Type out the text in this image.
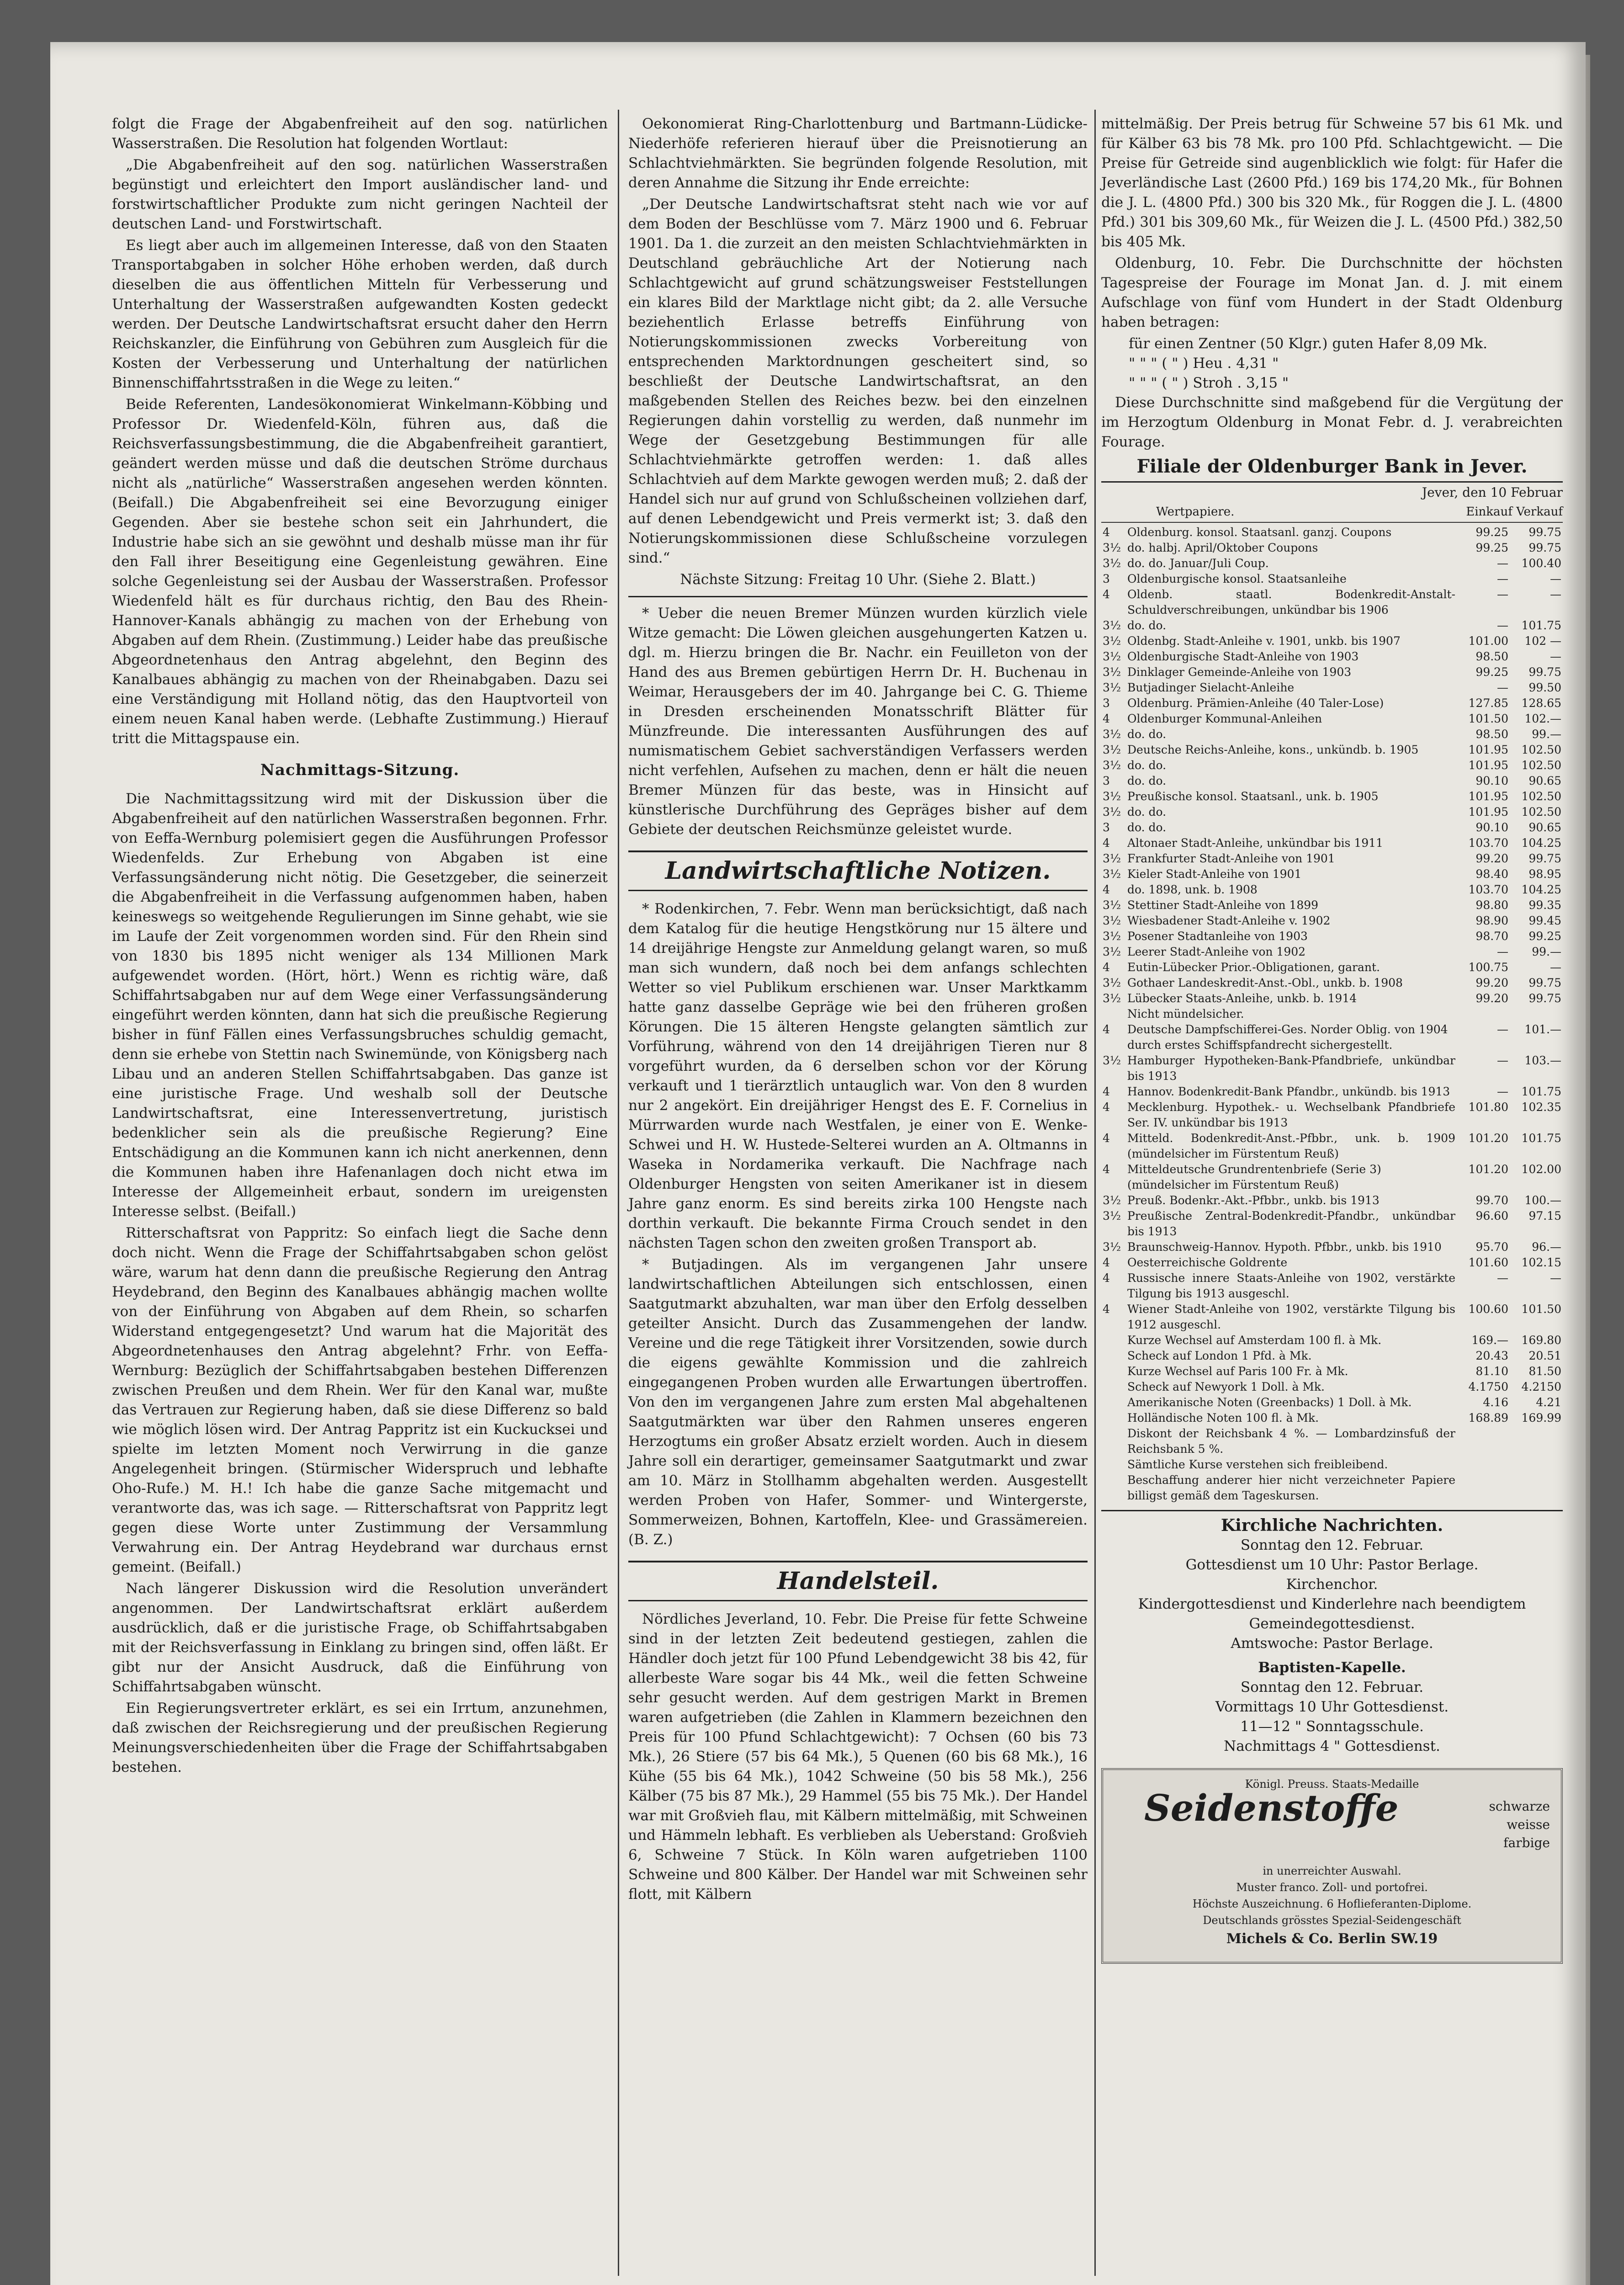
folgt die Frage der Abgabenfreiheit auf den sog. natürlichen Wasserstraßen. Die Resolution hat folgenden Wortlaut:

„Die Abgabenfreiheit auf den sog. natürlichen Wasserstraßen begünstigt und erleichtert den Import ausländischer land- und forstwirtschaftlicher Produkte zum nicht geringen Nachteil der deutschen Land- und Forstwirtschaft.

Es liegt aber auch im allgemeinen Interesse, daß von den Staaten Transportabgaben in solcher Höhe erhoben werden, daß durch dieselben die aus öffentlichen Mitteln für Verbesserung und Unterhaltung der Wasserstraßen aufgewandten Kosten gedeckt werden. Der Deutsche Landwirtschaftsrat ersucht daher den Herrn Reichskanzler, die Einführung von Gebühren zum Ausgleich für die Kosten der Verbesserung und Unterhaltung der natürlichen Binnenschiffahrtsstraßen in die Wege zu leiten.“

Beide Referenten, Landesökonomierat Winkelmann-Köbbing und Professor Dr. Wiedenfeld-Köln, führen aus, daß die Reichsverfassungsbestimmung, die die Abgabenfreiheit garantiert, geändert werden müsse und daß die deutschen Ströme durchaus nicht als „natürliche“ Wasserstraßen angesehen werden könnten. (Beifall.) Die Abgabenfreiheit sei eine Bevorzugung einiger Gegenden. Aber sie bestehe schon seit ein Jahrhundert, die Industrie habe sich an sie gewöhnt und deshalb müsse man ihr für den Fall ihrer Beseitigung eine Gegenleistung gewähren. Eine solche Gegenleistung sei der Ausbau der Wasserstraßen. Professor Wiedenfeld hält es für durchaus richtig, den Bau des Rhein-Hannover-Kanals abhängig zu machen von der Erhebung von Abgaben auf dem Rhein. (Zustimmung.) Leider habe das preußische Abgeordnetenhaus den Antrag abgelehnt, den Beginn des Kanalbaues abhängig zu machen von der Rheinabgaben. Dazu sei eine Verständigung mit Holland nötig, das den Hauptvorteil von einem neuen Kanal haben werde. (Lebhafte Zustimmung.) Hierauf tritt die Mittagspause ein.

Nachmittags-Sitzung.

Die Nachmittagssitzung wird mit der Diskussion über die Abgabenfreiheit auf den natürlichen Wasserstraßen begonnen. Frhr. von Eeffa-Wernburg polemisiert gegen die Ausführungen Professor Wiedenfelds. Zur Erhebung von Abgaben ist eine Verfassungsänderung nicht nötig. Die Gesetzgeber, die seinerzeit die Abgabenfreiheit in die Verfassung aufgenommen haben, haben keineswegs so weitgehende Regulierungen im Sinne gehabt, wie sie im Laufe der Zeit vorgenommen worden sind. Für den Rhein sind von 1830 bis 1895 nicht weniger als 134 Millionen Mark aufgewendet worden. (Hört, hört.) Wenn es richtig wäre, daß Schiffahrtsabgaben nur auf dem Wege einer Verfassungsänderung eingeführt werden könnten, dann hat sich die preußische Regierung bisher in fünf Fällen eines Verfassungsbruches schuldig gemacht, denn sie erhebe von Stettin nach Swinemünde, von Königsberg nach Libau und an anderen Stellen Schiffahrtsabgaben. Das ganze ist eine juristische Frage. Und weshalb soll der Deutsche Landwirtschaftsrat, eine Interessenvertretung, juristisch bedenklicher sein als die preußische Regierung? Eine Entschädigung an die Kommunen kann ich nicht anerkennen, denn die Kommunen haben ihre Hafenanlagen doch nicht etwa im Interesse der Allgemeinheit erbaut, sondern im ureigensten Interesse selbst. (Beifall.)

Ritterschaftsrat von Pappritz: So einfach liegt die Sache denn doch nicht. Wenn die Frage der Schiffahrtsabgaben schon gelöst wäre, warum hat denn dann die preußische Regierung den Antrag Heydebrand, den Beginn des Kanalbaues abhängig machen wollte von der Einführung von Abgaben auf dem Rhein, so scharfen Widerstand entgegengesetzt? Und warum hat die Majorität des Abgeordnetenhauses den Antrag abgelehnt? Frhr. von Eeffa-Wernburg: Bezüglich der Schiffahrtsabgaben bestehen Differenzen zwischen Preußen und dem Rhein. Wer für den Kanal war, mußte das Vertrauen zur Regierung haben, daß sie diese Differenz so bald wie möglich lösen wird. Der Antrag Pappritz ist ein Kuckucksei und spielte im letzten Moment noch Verwirrung in die ganze Angelegenheit bringen. (Stürmischer Widerspruch und lebhafte Oho-Rufe.) M. H.! Ich habe die ganze Sache mitgemacht und verantworte das, was ich sage. — Ritterschaftsrat von Pappritz legt gegen diese Worte unter Zustimmung der Versammlung Verwahrung ein. Der Antrag Heydebrand war durchaus ernst gemeint. (Beifall.)

Nach längerer Diskussion wird die Resolution unverändert angenommen. Der Landwirtschaftsrat erklärt außerdem ausdrücklich, daß er die juristische Frage, ob Schiffahrtsabgaben mit der Reichsverfassung in Einklang zu bringen sind, offen läßt. Er gibt nur der Ansicht Ausdruck, daß die Einführung von Schiffahrtsabgaben wünscht.

Ein Regierungsvertreter erklärt, es sei ein Irrtum, anzunehmen, daß zwischen der Reichsregierung und der preußischen Regierung Meinungsverschiedenheiten über die Frage der Schiffahrtsabgaben bestehen.

Oekonomierat Ring-Charlottenburg und Bartmann-Lüdicke-Niederhöfe referieren hierauf über die Preisnotierung an Schlachtviehmärkten. Sie begründen folgende Resolution, mit deren Annahme die Sitzung ihr Ende erreichte:

„Der Deutsche Landwirtschaftsrat steht nach wie vor auf dem Boden der Beschlüsse vom 7. März 1900 und 6. Februar 1901. Da 1. die zurzeit an den meisten Schlachtviehmärkten in Deutschland gebräuchliche Art der Notierung nach Schlachtgewicht auf grund schätzungsweiser Feststellungen ein klares Bild der Marktlage nicht gibt; da 2. alle Versuche beziehentlich Erlasse betreffs Einführung von Notierungskommissionen zwecks Vorbereitung von entsprechenden Marktordnungen gescheitert sind, so beschließt der Deutsche Landwirtschaftsrat, an den maßgebenden Stellen des Reiches bezw. bei den einzelnen Regierungen dahin vorstellig zu werden, daß nunmehr im Wege der Gesetzgebung Bestimmungen für alle Schlachtviehmärkte getroffen werden: 1. daß alles Schlachtvieh auf dem Markte gewogen werden muß; 2. daß der Handel sich nur auf grund von Schlußscheinen vollziehen darf, auf denen Lebendgewicht und Preis vermerkt ist; 3. daß den Notierungskommissionen diese Schlußscheine vorzulegen sind.“

Nächste Sitzung: Freitag 10 Uhr. (Siehe 2. Blatt.)

* Ueber die neuen Bremer Münzen wurden kürzlich viele Witze gemacht: Die Löwen gleichen ausgehungerten Katzen u. dgl. m. Hierzu bringen die Br. Nachr. ein Feuilleton von der Hand des aus Bremen gebürtigen Herrn Dr. H. Buchenau in Weimar, Herausgebers der im 40. Jahrgange bei C. G. Thieme in Dresden erscheinenden Monatsschrift Blätter für Münzfreunde. Die interessanten Ausführungen des auf numismatischem Gebiet sachverständigen Verfassers werden nicht verfehlen, Aufsehen zu machen, denn er hält die neuen Bremer Münzen für das beste, was in Hinsicht auf künstlerische Durchführung des Gepräges bisher auf dem Gebiete der deutschen Reichsmünze geleistet wurde.

Landwirtschaftliche Notizen.

* Rodenkirchen, 7. Febr. Wenn man berücksichtigt, daß nach dem Katalog für die heutige Hengstkörung nur 15 ältere und 14 dreijährige Hengste zur Anmeldung gelangt waren, so muß man sich wundern, daß noch bei dem anfangs schlechten Wetter so viel Publikum erschienen war. Unser Marktkamm hatte ganz dasselbe Gepräge wie bei den früheren großen Körungen. Die 15 älteren Hengste gelangten sämtlich zur Vorführung, während von den 14 dreijährigen Tieren nur 8 vorgeführt wurden, da 6 derselben schon vor der Körung verkauft und 1 tierärztlich untauglich war. Von den 8 wurden nur 2 angekört. Ein dreijähriger Hengst des E. F. Cornelius in Mürrwarden wurde nach Westfalen, je einer von E. Wenke-Schwei und H. W. Hustede-Selterei wurden an A. Oltmanns in Waseka in Nordamerika verkauft. Die Nachfrage nach Oldenburger Hengsten von seiten Amerikaner ist in diesem Jahre ganz enorm. Es sind bereits zirka 100 Hengste nach dorthin verkauft. Die bekannte Firma Crouch sendet in den nächsten Tagen schon den zweiten großen Transport ab.

* Butjadingen. Als im vergangenen Jahr unsere landwirtschaftlichen Abteilungen sich entschlossen, einen Saatgutmarkt abzuhalten, war man über den Erfolg desselben geteilter Ansicht. Durch das Zusammengehen der landw. Vereine und die rege Tätigkeit ihrer Vorsitzenden, sowie durch die eigens gewählte Kommission und die zahlreich eingegangenen Proben wurden alle Erwartungen übertroffen. Von den im vergangenen Jahre zum ersten Mal abgehaltenen Saatgutmärkten war über den Rahmen unseres engeren Herzogtums ein großer Absatz erzielt worden. Auch in diesem Jahre soll ein derartiger, gemeinsamer Saatgutmarkt und zwar am 10. März in Stollhamm abgehalten werden. Ausgestellt werden Proben von Hafer, Sommer- und Wintergerste, Sommerweizen, Bohnen, Kartoffeln, Klee- und Grassämereien. (B. Z.)

Handelsteil.

Nördliches Jeverland, 10. Febr. Die Preise für fette Schweine sind in der letzten Zeit bedeutend gestiegen, zahlen die Händler doch jetzt für 100 Pfund Lebendgewicht 38 bis 42, für allerbeste Ware sogar bis 44 Mk., weil die fetten Schweine sehr gesucht werden. Auf dem gestrigen Markt in Bremen waren aufgetrieben (die Zahlen in Klammern bezeichnen den Preis für 100 Pfund Schlachtgewicht): 7 Ochsen (60 bis 73 Mk.), 26 Stiere (57 bis 64 Mk.), 5 Quenen (60 bis 68 Mk.), 16 Kühe (55 bis 64 Mk.), 1042 Schweine (50 bis 58 Mk.), 256 Kälber (75 bis 87 Mk.), 29 Hammel (55 bis 75 Mk.). Der Handel war mit Großvieh flau, mit Kälbern mittelmäßig, mit Schweinen und Hämmeln lebhaft. Es verblieben als Ueberstand: Großvieh 6, Schweine 7 Stück. In Köln waren aufgetrieben 1100 Schweine und 800 Kälber. Der Handel war mit Schweinen sehr flott, mit Kälbern

mittelmäßig. Der Preis betrug für Schweine 57 bis 61 Mk. und für Kälber 63 bis 78 Mk. pro 100 Pfd. Schlachtgewicht. — Die Preise für Getreide sind augenblicklich wie folgt: für Hafer die Jeverländische Last (2600 Pfd.) 169 bis 174,20 Mk., für Bohnen die J. L. (4800 Pfd.) 300 bis 320 Mk., für Roggen die J. L. (4800 Pfd.) 301 bis 309,60 Mk., für Weizen die J. L. (4500 Pfd.) 382,50 bis 405 Mk.

Oldenburg, 10. Febr. Die Durchschnitte der höchsten Tagespreise der Fourage im Monat Jan. d. J. mit einem Aufschlage von fünf vom Hundert in der Stadt Oldenburg haben betragen:

für einen Zentner (50 Klgr.) guten Hafer 8,09 Mk.
" " " ( " ) Heu . 4,31 "
" " " ( " ) Stroh . 3,15 "

Diese Durchschnitte sind maßgebend für die Vergütung der im Herzogtum Oldenburg in Monat Febr. d. J. verabreichten Fourage.

Filiale der Oldenburger Bank in Jever.
Jever, den 10 Februar
Wertpapiere.	Einkauf Verkauf
4	Oldenburg. konsol. Staatsanl. ganzj. Coupons	99.25	99.75
3½	do. halbj. April/Oktober Coupons	99.25	99.75
3½	do. do. Januar/Juli Coup.	—	100.40
3	Oldenburgische konsol. Staatsanleihe	—	—
4	Oldenb. staatl. Bodenkredit-Anstalt-Schuldverschreibungen, unkündbar bis 1906	—	—
3½	do. do.	—	101.75
3½	Oldenbg. Stadt-Anleihe v. 1901, unkb. bis 1907	101.00	102 —
3½	Oldenburgische Stadt-Anleihe von 1903	98.50	—
3½	Dinklager Gemeinde-Anleihe von 1903	99.25	99.75
3½	Butjadinger Sielacht-Anleihe	—	99.50
3	Oldenburg. Prämien-Anleihe (40 Taler-Lose)	127.85	128.65
4	Oldenburger Kommunal-Anleihen	101.50	102.—
3½	do. do.	98.50	99.—
3½	Deutsche Reichs-Anleihe, kons., unkündb. b. 1905	101.95	102.50
3½	do. do.	101.95	102.50
3	do. do.	90.10	90.65
3½	Preußische konsol. Staatsanl., unk. b. 1905	101.95	102.50
3½	do. do.	101.95	102.50
3	do. do.	90.10	90.65
4	Altonaer Stadt-Anleihe, unkündbar bis 1911	103.70	104.25
3½	Frankfurter Stadt-Anleihe von 1901	99.20	99.75
3½	Kieler Stadt-Anleihe von 1901	98.40	98.95
4	do. 1898, unk. b. 1908	103.70	104.25
3½	Stettiner Stadt-Anleihe von 1899	98.80	99.35
3½	Wiesbadener Stadt-Anleihe v. 1902	98.90	99.45
3½	Posener Stadtanleihe von 1903	98.70	99.25
3½	Leerer Stadt-Anleihe von 1902	—	99.—
4	Eutin-Lübecker Prior.-Obligationen, garant.	100.75	—
3½	Gothaer Landeskredit-Anst.-Obl., unkb. b. 1908	99.20	99.75
3½	Lübecker Staats-Anleihe, unkb. b. 1914	99.20	99.75
	Nicht mündelsicher.		
4	Deutsche Dampfschifferei-Ges. Norder Oblig. von 1904	—	101.—
	durch erstes Schiffspfandrecht sichergestellt.		
3½	Hamburger Hypotheken-Bank-Pfandbriefe, unkündbar bis 1913	—	103.—
4	Hannov. Bodenkredit-Bank Pfandbr., unkündb. bis 1913	—	101.75
4	Mecklenburg. Hypothek.- u. Wechselbank Pfandbriefe Ser. IV. unkündbar bis 1913	101.80	102.35
4	Mitteld. Bodenkredit-Anst.-Pfbbr., unk. b. 1909 (mündelsicher im Fürstentum Reuß)	101.20	101.75
4	Mitteldeutsche Grundrentenbriefe (Serie 3)	101.20	102.00
	(mündelsicher im Fürstentum Reuß)		
3½	Preuß. Bodenkr.-Akt.-Pfbbr., unkb. bis 1913	99.70	100.—
3½	Preußische Zentral-Bodenkredit-Pfandbr., unkündbar bis 1913	96.60	97.15
3½	Braunschweig-Hannov. Hypoth. Pfbbr., unkb. bis 1910	95.70	96.—
4	Oesterreichische Goldrente	101.60	102.15
4	Russische innere Staats-Anleihe von 1902, verstärkte Tilgung bis 1913 ausgeschl.	—	—
4	Wiener Stadt-Anleihe von 1902, verstärkte Tilgung bis 1912 ausgeschl.	100.60	101.50
	Kurze Wechsel auf Amsterdam 100 fl. à Mk.	169.—	169.80
	Scheck auf London 1 Pfd. à Mk.	20.43	20.51
	Kurze Wechsel auf Paris 100 Fr. à Mk.	81.10	81.50
	Scheck auf Newyork 1 Doll. à Mk.	4.1750	4.2150
	Amerikanische Noten (Greenbacks) 1 Doll. à Mk.	4.16	4.21
	Holländische Noten 100 fl. à Mk.	168.89	169.99
	Diskont der Reichsbank 4 %. — Lombardzinsfuß der Reichsbank 5 %.		
	Sämtliche Kurse verstehen sich freibleibend.		
	Beschaffung anderer hier nicht verzeichneter Papiere billigst gemäß dem Tageskursen.		
Kirchliche Nachrichten.
Sonntag den 12. Februar.
Gottesdienst um 10 Uhr: Pastor Berlage.
Kirchenchor.
Kindergottesdienst und Kinderlehre nach beendigtem Gemeindegottesdienst.
Amtswoche: Pastor Berlage.
Baptisten-Kapelle.
Sonntag den 12. Februar.
Vormittags 10 Uhr Gottesdienst.
11—12 " Sonntagsschule.
Nachmittags 4 " Gottesdienst.
Königl. Preuss. Staats-Medaille
Seidenstoffe	schwarze
weisse
farbige
in unerreichter Auswahl.
Muster franco. Zoll- und portofrei.
Höchste Auszeichnung. 6 Hoflieferanten-Diplome.
Deutschlands grösstes Spezial-Seidengeschäft
Michels & Co. Berlin SW.19
